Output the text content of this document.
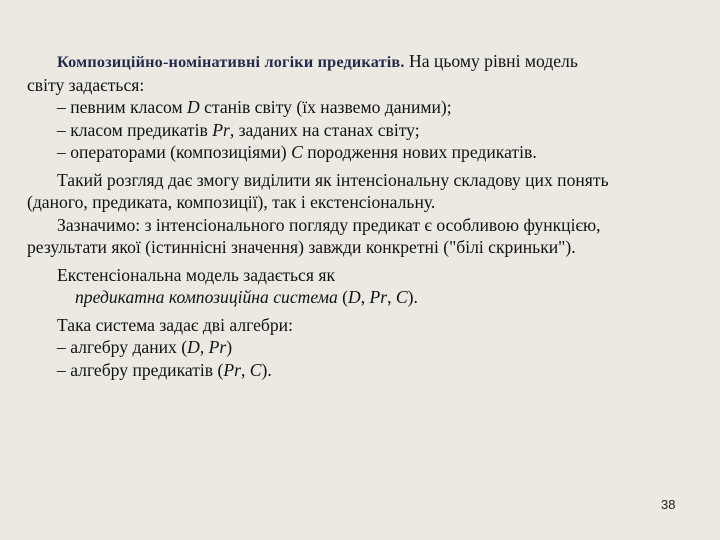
Композиційно-номінативні логіки предикатів. На цьому рівні модель
світу задається:
– певним класом D станів світу (їх назвемо даними);
– класом предикатів Pr, заданих на станах світу;
– операторами (композиціями) C породження нових предикатів.
Такий розгляд дає змогу виділити як інтенсіональну складову цих понять
(даного, предиката, композиції), так і екстенсіональну.
Зазначимо: з інтенсіонального погляду предикат є особливою функцією,
результати якої (істиннісні значення) завжди конкретні ("білі скриньки").
Екстенсіональна модель задається як
предикатна композиційна система (D, Pr, C).
Така система задає дві алгебри:
– алгебру даних (D, Pr)
– алгебру предикатів (Pr, C).
38
